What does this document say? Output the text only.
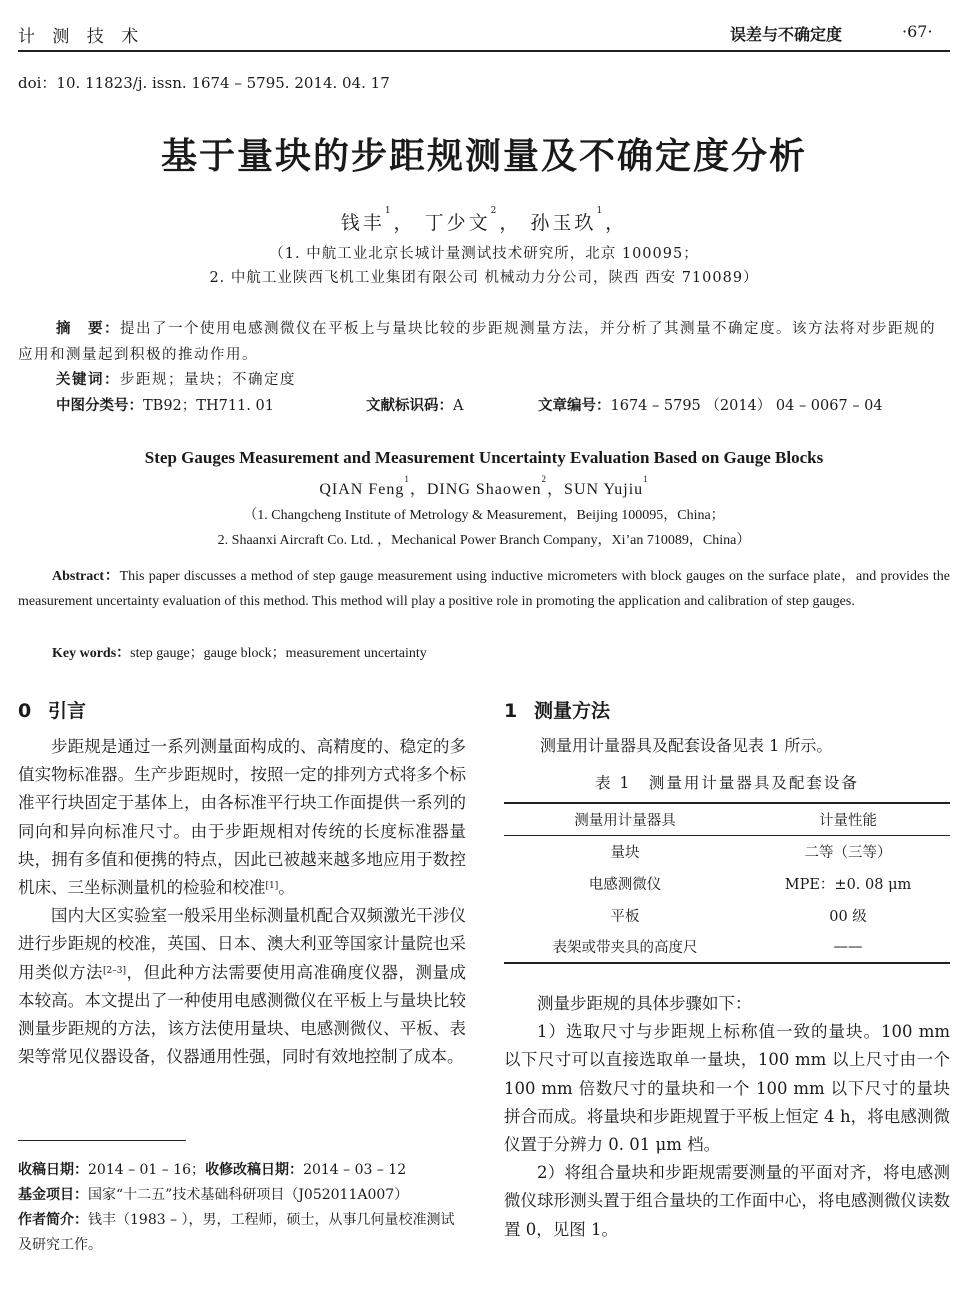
计 测 技 术	误差与不确定度	·67·
doi：10. 11823/j. issn. 1674 – 5795. 2014. 04. 17
基于量块的步距规测量及不确定度分析
钱丰$^1$， 丁少文$^2$， 孙玉玖$^1$，
（1. 中航工业北京长城计量测试技术研究所，北京 100095；
2. 中航工业陕西飞机工业集团有限公司 机械动力分公司，陕西 西安 710089）
摘　要：提出了一个使用电感测微仪在平板上与量块比较的步距规测量方法，并分析了其测量不确定度。该方法将对步距规的应用和测量起到积极的推动作用。
关键词：步距规；量块；不确定度
中图分类号：TB92；TH711. 01	文献标识码：A	文章编号：1674 – 5795 （2014） 04 – 0067 – 04
Step Gauges Measurement and Measurement Uncertainty Evaluation Based on Gauge Blocks
QIAN Feng$^1$，DING Shaowen$^2$，SUN Yujiu$^1$
（1. Changcheng Institute of Metrology & Measurement，Beijing 100095，China；
2. Shaanxi Aircraft Co. Ltd. ，Mechanical Power Branch Company，Xi’an 710089，China）
Abstract：This paper discusses a method of step gauge measurement using inductive micrometers with block gauges on the surface plate，and provides the measurement uncertainty evaluation of this method. This method will play a positive role in promoting the application and calibration of step gauges.
Key words：step gauge；gauge block；measurement uncertainty
0 引言

步距规是通过一系列测量面构成的、高精度的、稳定的多值实物标准器。生产步距规时，按照一定的排列方式将多个标准平行块固定于基体上，由各标准平行块工作面提供一系列的同向和异向标准尺寸。由于步距规相对传统的长度标准器量块，拥有多值和便携的特点，因此已被越来越多地应用于数控机床、三坐标测量机的检验和校准[1]。

国内大区实验室一般采用坐标测量机配合双频激光干涉仪进行步距规的校准，英国、日本、澳大利亚等国家计量院也采用类似方法[2–3]，但此种方法需要使用高准确度仪器，测量成本较高。本文提出了一种使用电感测微仪在平板上与量块比较测量步距规的方法，该方法使用量块、电感测微仪、平板、表架等常见仪器设备，仪器通用性强，同时有效地控制了成本。

1 测量方法
测量用计量器具及配套设备见表 1 所示。
表 1　测量用计量器具及配套设备
测量用计量器具	计量性能
量块	二等（三等）
电感测微仪	MPE：±0. 08 μm
平板	00 级
表架或带夹具的高度尺	——

测量步距规的具体步骤如下：

1）选取尺寸与步距规上标称值一致的量块。100 mm 以下尺寸可以直接选取单一量块，100 mm 以上尺寸由一个 100 mm 倍数尺寸的量块和一个 100 mm 以下尺寸的量块拼合而成。将量块和步距规置于平板上恒定 4 h，将电感测微仪置于分辨力 0. 01 μm 档。

2）将组合量块和步距规需要测量的平面对齐，将电感测微仪球形测头置于组合量块的工作面中心，将电感测微仪读数置 0，见图 1。

收稿日期：2014 – 01 – 16；收修改稿日期：2014 – 03 – 12
基金项目：国家“十二五”技术基础科研项目（J052011A007）
作者简介：钱丰（1983 – ），男，工程师，硕士，从事几何量校准测试及研究工作。
